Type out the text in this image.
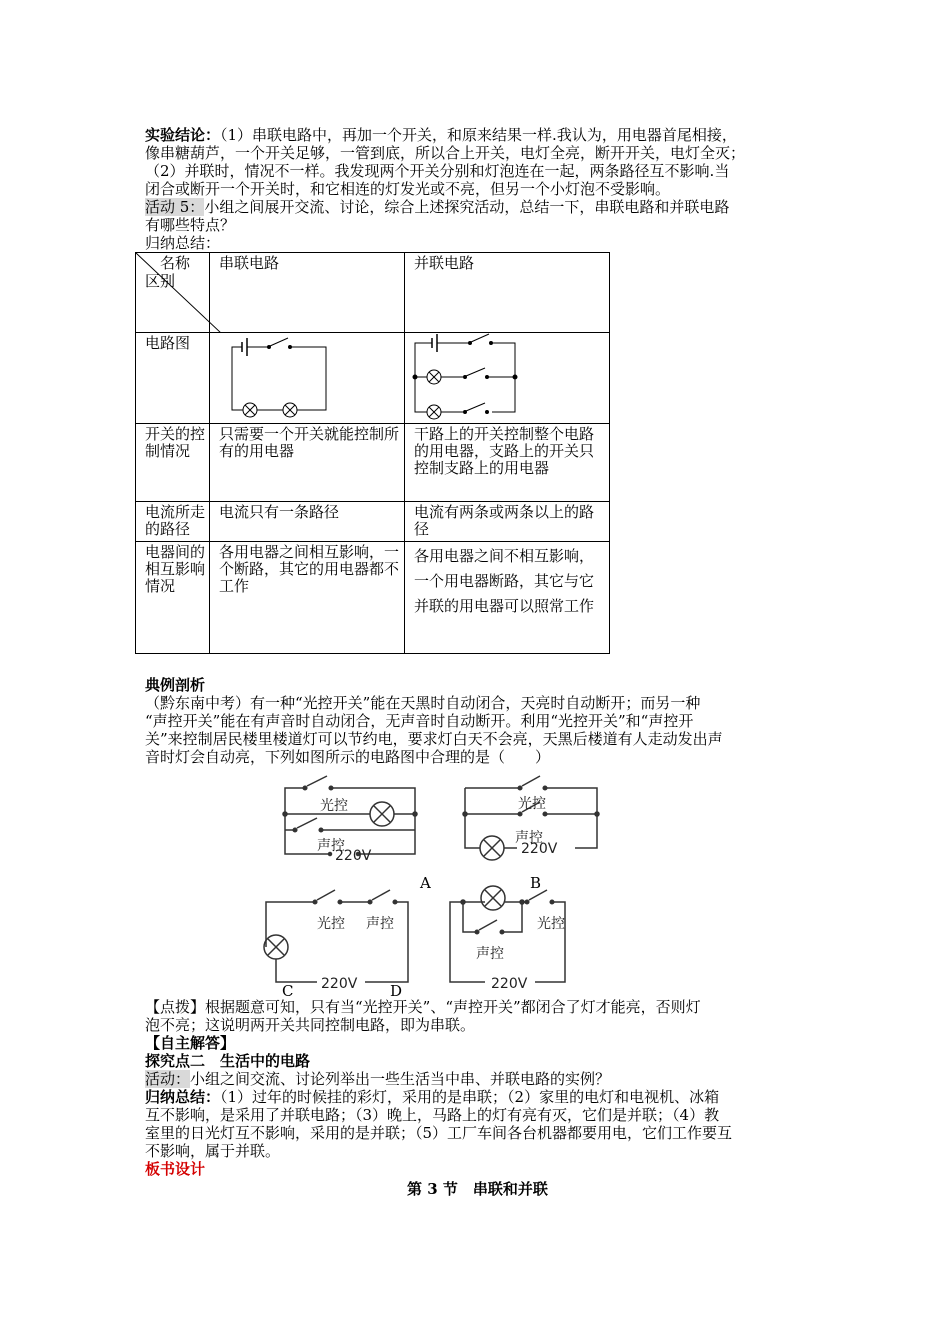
实验结论：（1）串联电路中，再加一个开关，和原来结果一样.我认为，用电器首尾相接，

像串糖葫芦，一个开关足够，一管到底，所以合上开关，电灯全亮，断开开关，电灯全灭；

（2）并联时，情况不一样。我发现两个开关分别和灯泡连在一起，两条路径互不影响.当

闭合或断开一个开关时，和它相连的灯发光或不亮，但另一个小灯泡不受影响。

活动 5：小组之间展开交流、讨论，综合上述探究活动，总结一下，串联电路和并联电路

有哪些特点？

归纳总结：

名称
区别	串联电路	并联电路
电路图	

开关的控制情况	只需要一个开关就能控制所有的用电器	干路上的开关控制整个电路的用电器，支路上的开关只控制支路上的用电器
电流所走的路径	电流只有一条路径	电流有两条或两条以上的路径
电器间的相互影响情况	各用电器之间相互影响，一个断路，其它的用电器都不工作	各用电器之间不相互影响，一个用电器断路，其它与它并联的用电器可以照常工作

典例剖析

（黔东南中考）有一种“光控开关”能在天黑时自动闭合，天亮时自动断开；而另一种

“声控开关”能在有声音时自动闭合，无声音时自动断开。利用“光控开关”和“声控开

关”来控制居民楼里楼道灯可以节约电，要求灯白天不会亮，天黑后楼道有人走动发出声

音时灯会自动亮，下列如图所示的电路图中合理的是（　　）

光控
声控
220V
光控
声控
220V
光控 声控
220V
光控
声控
220V
A	B
C	D

【点拨】根据题意可知，只有当“光控开关”、“声控开关”都闭合了灯才能亮，否则灯

泡不亮；这说明两开关共同控制电路，即为串联。

【自主解答】

探究点二　生活中的电路

活动：小组之间交流、讨论列举出一些生活当中串、并联电路的实例？

归纳总结：（1）过年的时候挂的彩灯，采用的是串联；（2）家里的电灯和电视机、冰箱

互不影响，是采用了并联电路；（3）晚上，马路上的灯有亮有灭，它们是并联；（4）教

室里的日光灯互不影响，采用的是并联；（5）工厂车间各台机器都要用电，它们工作要互

不影响，属于并联。

板书设计

第 3 节　串联和并联
